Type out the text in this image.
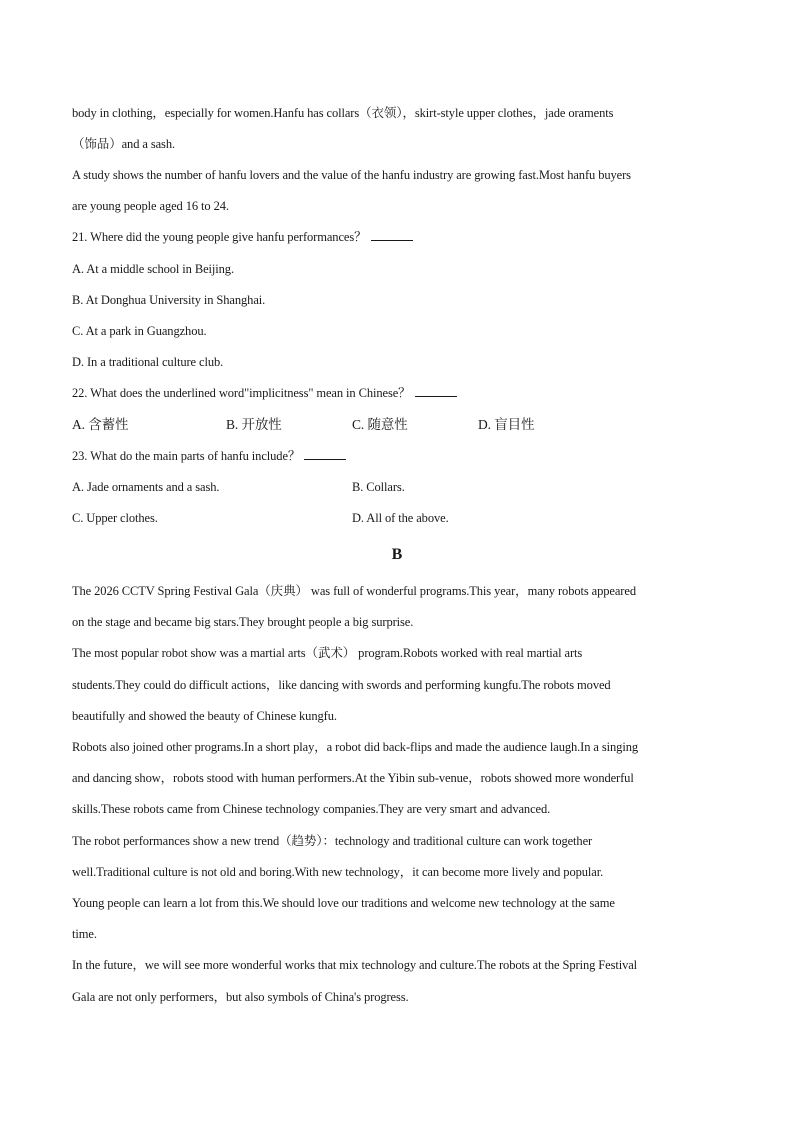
body in clothing，especially for women.Hanfu has collars（衣领），skirt-style upper clothes，jade oraments
（饰品）and a sash.
A study shows the number of hanfu lovers and the value of the hanfu industry are growing fast.Most hanfu buyers
are young people aged 16 to 24.
21. Where did the young people give hanfu performances？
A. At a middle school in Beijing.
B. At Donghua University in Shanghai.
C. At a park in Guangzhou.
D. In a traditional culture club.
22. What does the underlined word"implicitness" mean in Chinese？
A. 含蓄性	B. 开放性	C. 随意性	D. 盲目性
23. What do the main parts of hanfu include？
A. Jade ornaments and a sash.	B. Collars.
C. Upper clothes.	D. All of the above.
B
The 2026 CCTV Spring Festival Gala（庆典） was full of wonderful programs.This year，many robots appeared
on the stage and became big stars.They brought people a big surprise.
The most popular robot show was a martial arts（武术） program.Robots worked with real martial arts
students.They could do difficult actions，like dancing with swords and performing kungfu.The robots moved
beautifully and showed the beauty of Chinese kungfu.
Robots also joined other programs.In a short play，a robot did back-flips and made the audience laugh.In a singing
and dancing show，robots stood with human performers.At the Yibin sub-venue，robots showed more wonderful
skills.These robots came from Chinese technology companies.They are very smart and advanced.
The robot performances show a new trend（趋势）：technology and traditional culture can work together
well.Traditional culture is not old and boring.With new technology，it can become more lively and popular.
Young people can learn a lot from this.We should love our traditions and welcome new technology at the same
time.
In the future，we will see more wonderful works that mix technology and culture.The robots at the Spring Festival
Gala are not only performers，but also symbols of China's progress.
